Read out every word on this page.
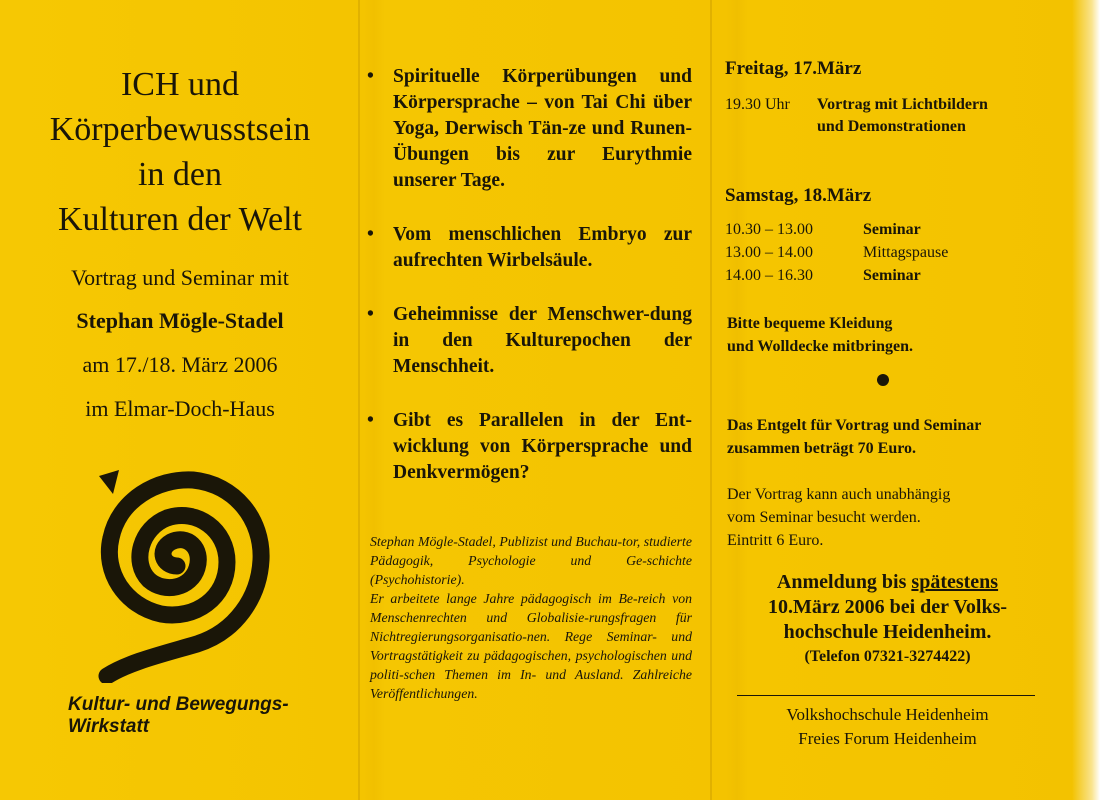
ICH und
Körperbewusstsein
in den
Kulturen der Welt
Vortrag und Seminar mit
Stephan Mögle-Stadel
am 17./18. März 2006
im Elmar-Doch-Haus
Kultur- und Bewegungs-
Wirkstatt
• Spirituelle Körperübungen und Körpersprache – von Tai Chi über Yoga, Derwisch Tän-ze und Runen-Übungen bis zur Eurythmie unserer Tage.
• Vom menschlichen Embryo zur aufrechten Wirbelsäule.
• Geheimnisse der Menschwer-dung in den Kulturepochen der Menschheit.
• Gibt es Parallelen in der Ent-wicklung von Körpersprache und Denkvermögen?

Stephan Mögle-Stadel, Publizist und Buchau-tor, studierte Pädagogik, Psychologie und Ge-schichte (Psychohistorie).

Er arbeitete lange Jahre pädagogisch im Be-reich von Menschenrechten und Globalisie-rungsfragen für Nichtregierungsorganisatio-nen. Rege Seminar- und Vortragstätigkeit zu pädagogischen, psychologischen und politi-schen Themen im In- und Ausland. Zahlreiche Veröffentlichungen.

Freitag, 17.März
19.30 Uhr Vortrag mit Lichtbildern
und Demonstrationen
Samstag, 18.März
10.30 – 13.00	Seminar
13.00 – 14.00	Mittagspause
14.00 – 16.30	Seminar
Bitte bequeme Kleidung
und Wolldecke mitbringen.
Das Entgelt für Vortrag und Seminar
zusammen beträgt 70 Euro.
Der Vortrag kann auch unabhängig
vom Seminar besucht werden.
Eintritt 6 Euro.
Anmeldung bis spätestens
10.März 2006 bei der Volks-
hochschule Heidenheim.
(Telefon 07321-3274422)
Volkshochschule Heidenheim
Freies Forum Heidenheim
